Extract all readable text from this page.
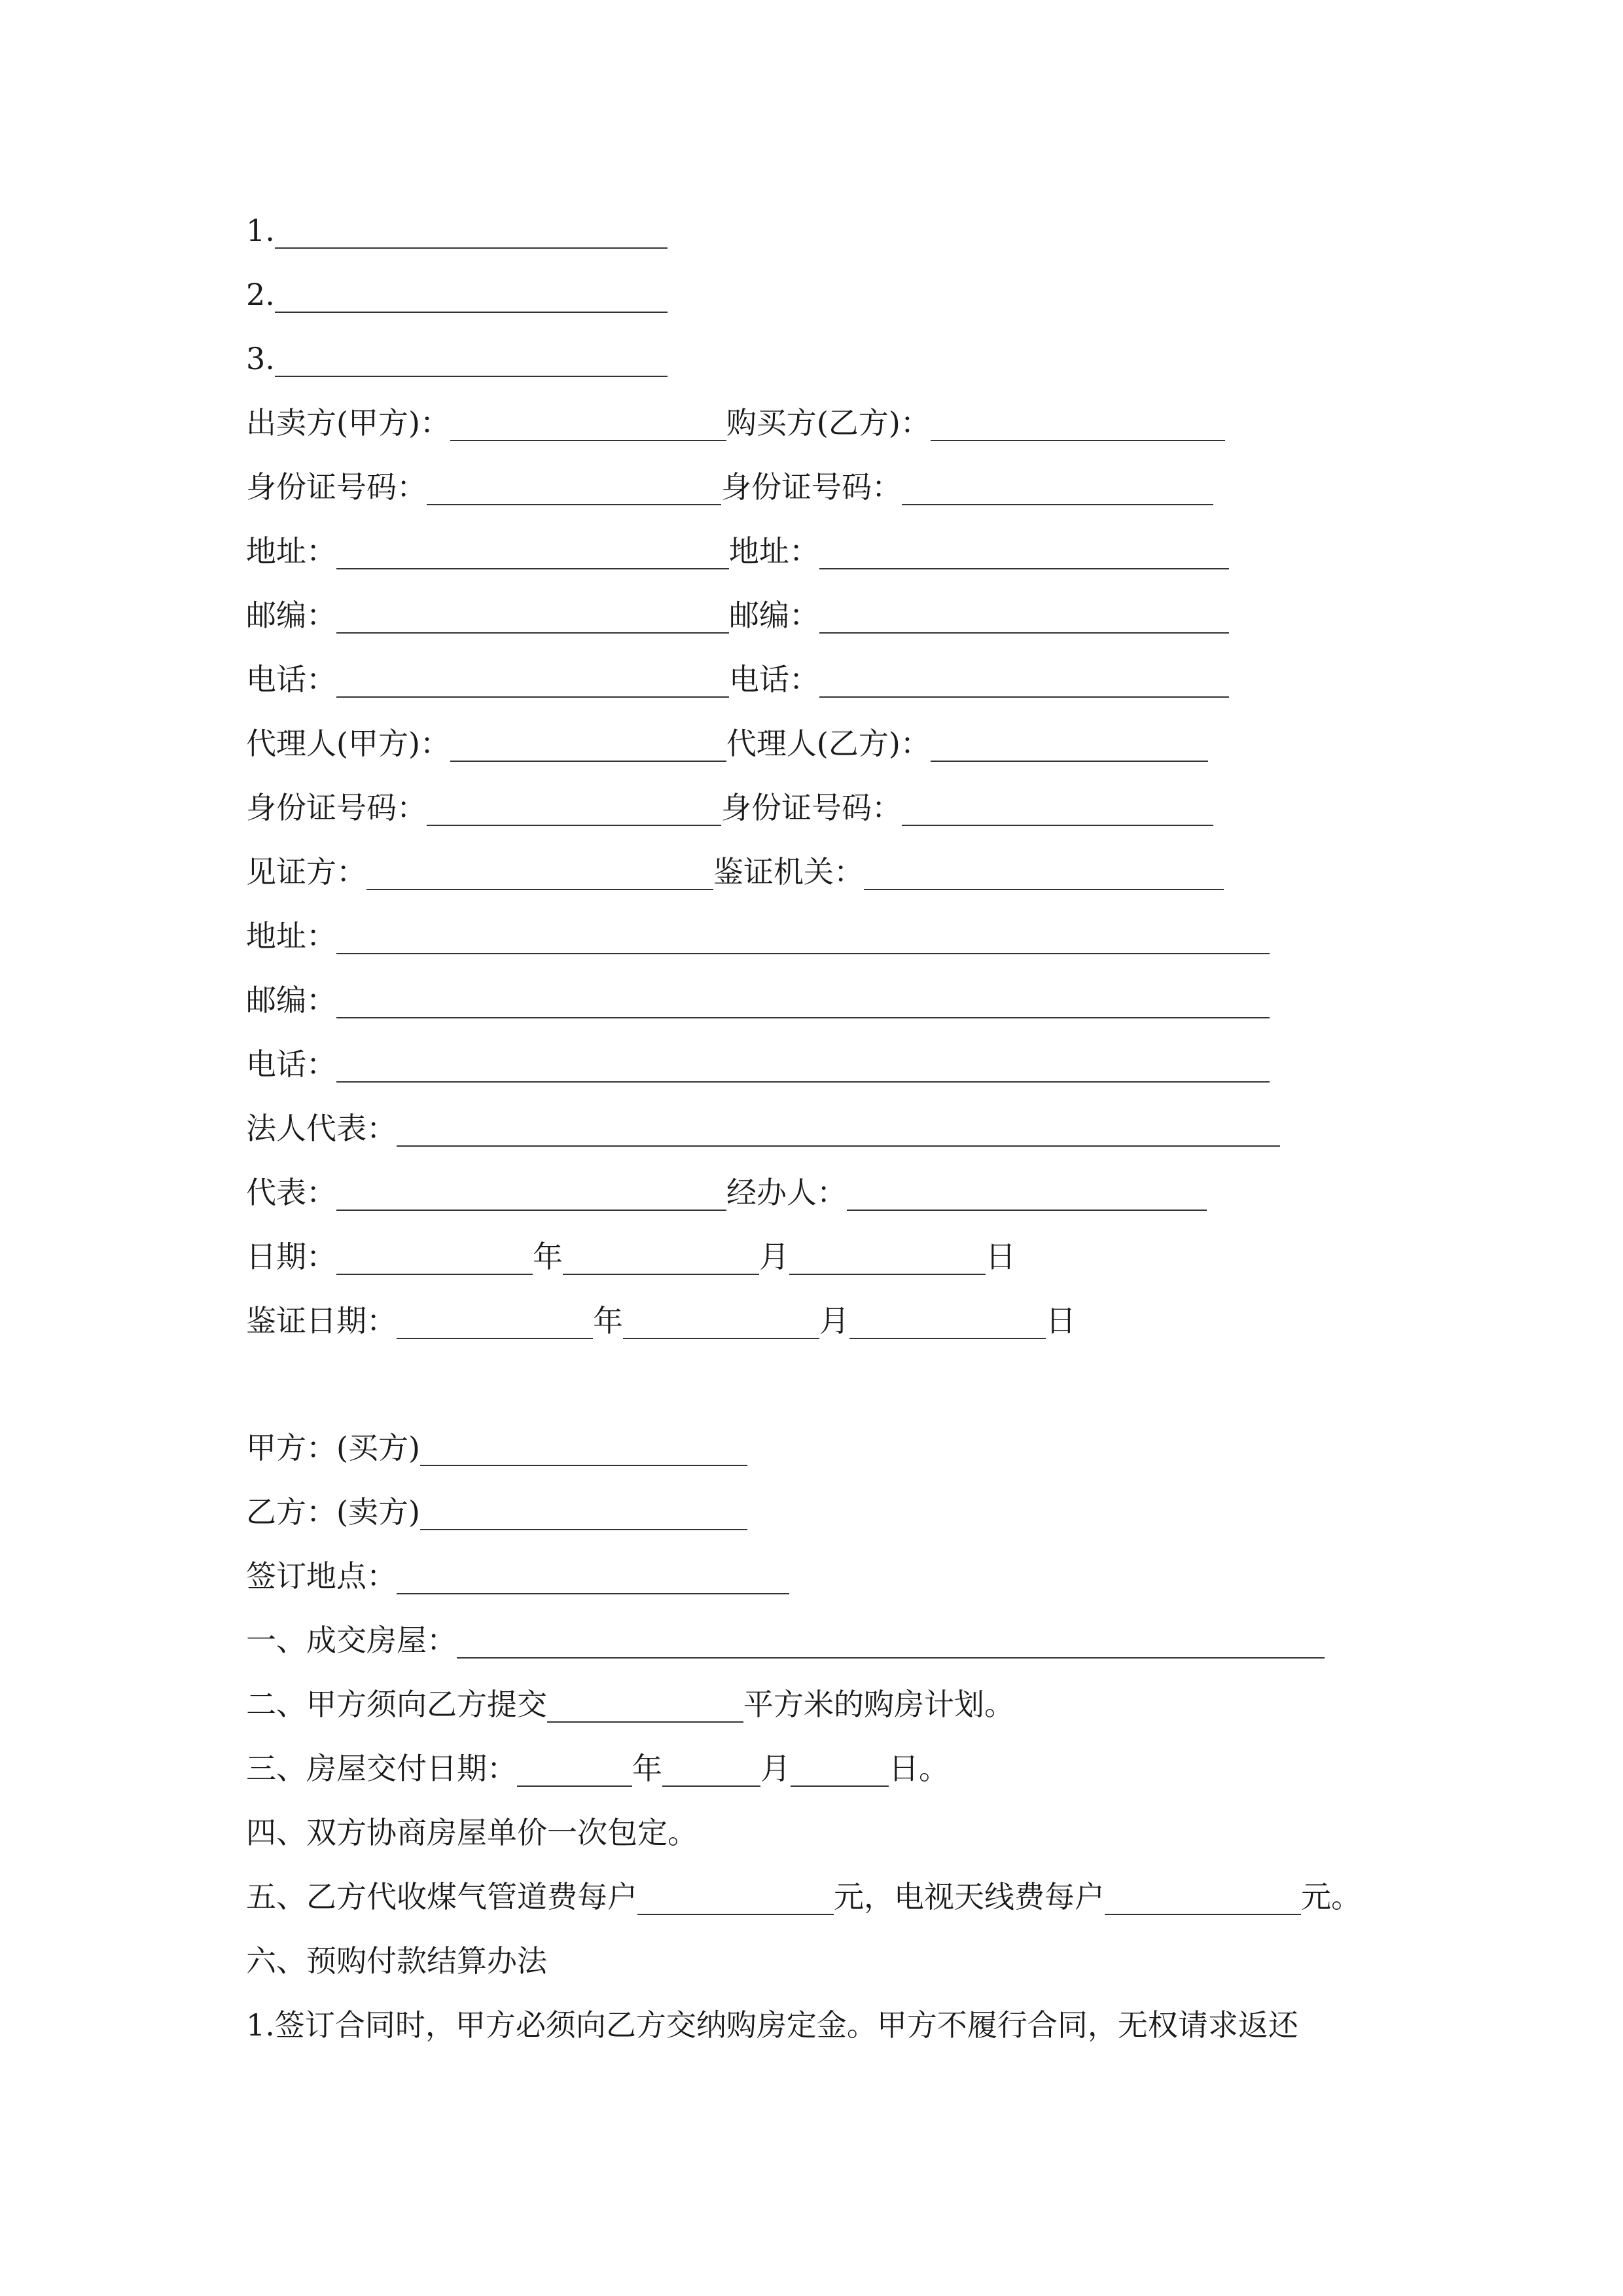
1.
2.
3.
出卖方(甲方)：	购买方(乙方)：
身份证号码：	身份证号码：
地址：	地址：
邮编：	邮编：
电话：	电话：
代理人(甲方)：	代理人(乙方)：
身份证号码：	身份证号码：
见证方：	鉴证机关：
地址：
邮编：
电话：
法人代表：
代表：	经办人：
日期：	年	月	日
鉴证日期：	年	月	日
甲方：(买方)
乙方：(卖方)
签订地点：
一、成交房屋：
二、甲方须向乙方提交	平方米的购房计划。
三、房屋交付日期：	年	月	日。
四、双方协商房屋单价一次包定。
五、乙方代收煤气管道费每户	元，电视天线费每户	元。
六、预购付款结算办法
1.签订合同时，甲方必须向乙方交纳购房定金。甲方不履行合同，无权请求返还
